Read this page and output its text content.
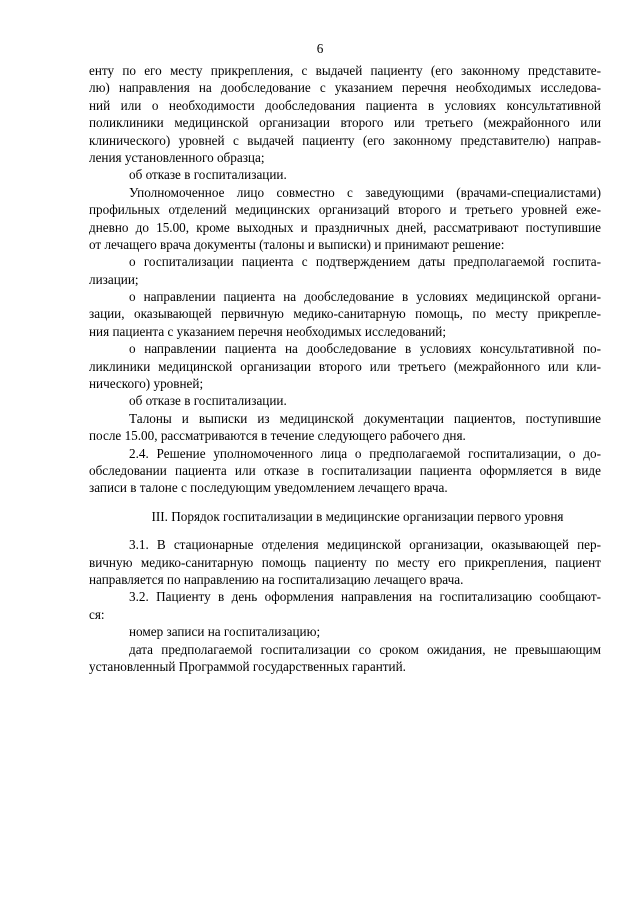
6
енту по его месту прикрепления, с выдачей пациенту (его законному представите-
лю) направления на дообследование с указанием перечня необходимых исследова-
ний или о необходимости дообследования пациента в условиях консультативной
поликлиники медицинской организации второго или третьего (межрайонного или
клинического) уровней с выдачей пациенту (его законному представителю) направ-
ления установленного образца;
об отказе в госпитализации.
Уполномоченное лицо совместно с заведующими (врачами-специалистами)
профильных отделений медицинских организаций второго и третьего уровней еже-
дневно до 15.00, кроме выходных и праздничных дней, рассматривают поступившие
от лечащего врача документы (талоны и выписки) и принимают решение:
о госпитализации пациента с подтверждением даты предполагаемой госпита-
лизации;
о направлении пациента на дообследование в условиях медицинской органи-
зации, оказывающей первичную медико-санитарную помощь, по месту прикрепле-
ния пациента с указанием перечня необходимых исследований;
о направлении пациента на дообследование в условиях консультативной по-
ликлиники медицинской организации второго или третьего (межрайонного или кли-
нического) уровней;
об отказе в госпитализации.
Талоны и выписки из медицинской документации пациентов, поступившие
после 15.00, рассматриваются в течение следующего рабочего дня.
2.4. Решение уполномоченного лица о предполагаемой госпитализации, о до-
обследовании пациента или отказе в госпитализации пациента оформляется в виде
записи в талоне с последующим уведомлением лечащего врача.
III. Порядок госпитализации в медицинские организации первого уровня
3.1. В стационарные отделения медицинской организации, оказывающей пер-
вичную медико-санитарную помощь пациенту по месту его прикрепления, пациент
направляется по направлению на госпитализацию лечащего врача.
3.2. Пациенту в день оформления направления на госпитализацию сообщают-
ся:
номер записи на госпитализацию;
дата предполагаемой госпитализации со сроком ожидания, не превышающим
установленный Программой государственных гарантий.
